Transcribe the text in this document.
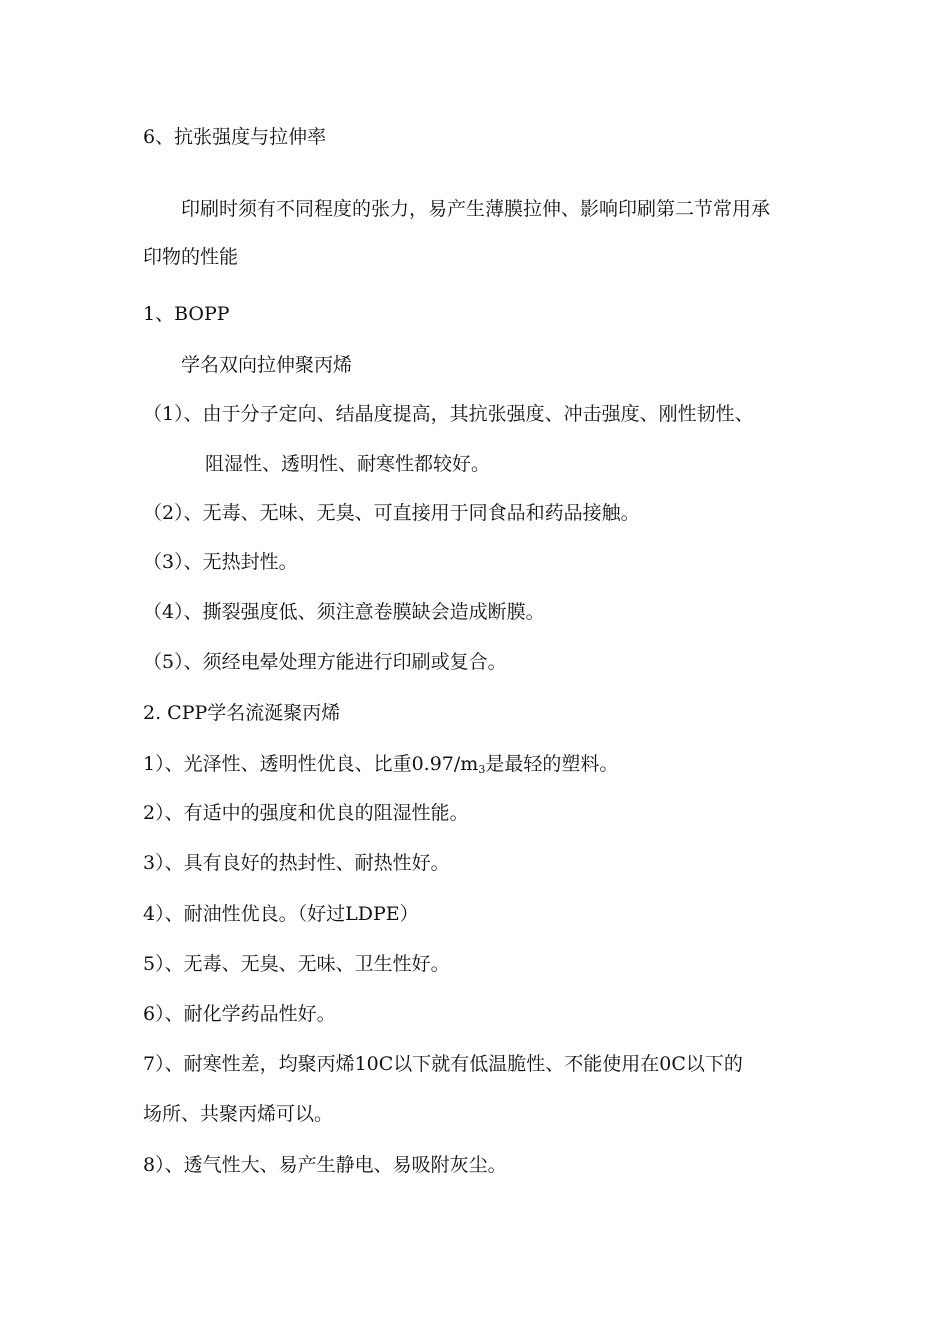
6、抗张强度与拉伸率
印刷时须有不同程度的张力，易产生薄膜拉伸、影响印刷第二节常用承
印物的性能
1、BOPP
学名双向拉伸聚丙烯
（1）、由于分子定向、结晶度提高，其抗张强度、冲击强度、刚性韧性、
阻湿性、透明性、耐寒性都较好。
（2）、无毒、无味、无臭、可直接用于同食品和药品接触。
（3）、无热封性。
（4）、撕裂强度低、须注意卷膜缺会造成断膜。
（5）、须经电晕处理方能进行印刷或复合。
2. CPP学名流涎聚丙烯
1）、光泽性、透明性优良、比重$0.97/m_3$是最轻的塑料。
2）、有适中的强度和优良的阻湿性能。
3）、具有良好的热封性、耐热性好。
4）、耐油性优良。（好过LDPE）
5）、无毒、无臭、无味、卫生性好。
6）、耐化学药品性好。
7）、耐寒性差，均聚丙烯10C以下就有低温脆性、不能使用在0C以下的
场所、共聚丙烯可以。
8）、透气性大、易产生静电、易吸附灰尘。
